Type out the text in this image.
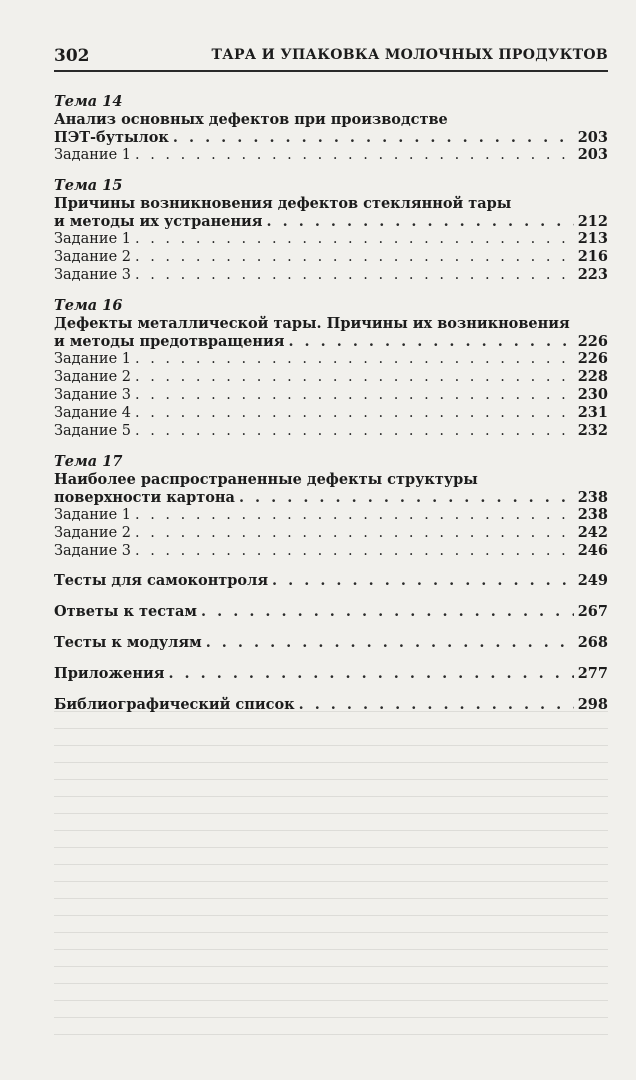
302	ТАРА И УПАКОВКА МОЛОЧНЫХ ПРОДУКТОВ
Тема 14
Анализ основных дефектов при производстве
ПЭТ-бутылок . . .	203
Задание 1 . . .	203
Тема 15
Причины возникновения дефектов стеклянной тары
и методы их устранения . . .	212
Задание 1 . . .	213
Задание 2 . . .	216
Задание 3 . . .	223
Тема 16
Дефекты металлической тары. Причины их возникновения
и методы предотвращения . . .	226
Задание 1 . . .	226
Задание 2 . . .	228
Задание 3 . . .	230
Задание 4 . . .	231
Задание 5 . . .	232
Тема 17
Наиболее распространенные дефекты структуры
поверхности картона . . .	238
Задание 1 . . .	238
Задание 2 . . .	242
Задание 3 . . .	246
Тесты для самоконтроля . . .	249
Ответы к тестам . . .	267
Тесты к модулям . . .	268
Приложения . . .	277
Библиографический список . . .	298
